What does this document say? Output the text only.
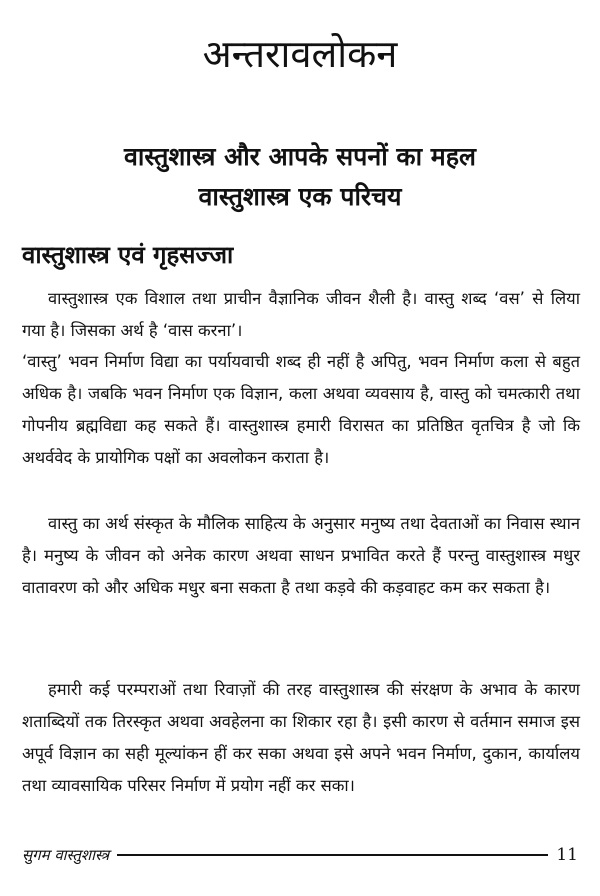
अन्तरावलोकन
वास्तुशास्त्र और आपके सपनों का महल
वास्तुशास्त्र एक परिचय
वास्तुशास्त्र एवं गृहसज्जा

वास्तुशास्त्र एक विशाल तथा प्राचीन वैज्ञानिक जीवन शैली है। वास्तु शब्द ‘वस’ से लिया गया है। जिसका अर्थ है ‘वास करना’।

‘वास्तु’ भवन निर्माण विद्या का पर्यायवाची शब्द ही नहीं है अपितु, भवन निर्माण कला से बहुत अधिक है। जबकि भवन निर्माण एक विज्ञान, कला अथवा व्यवसाय है, वास्तु को चमत्कारी तथा गोपनीय ब्रह्मविद्या कह सकते हैं। वास्तुशास्त्र हमारी विरासत का प्रतिष्ठित वृतचित्र है जो कि अथर्ववेद के प्रायोगिक पक्षों का अवलोकन कराता है।

वास्तु का अर्थ संस्कृत के मौलिक साहित्य के अनुसार मनुष्य तथा देवताओं का निवास स्थान है। मनुष्य के जीवन को अनेक कारण अथवा साधन प्रभावित करते हैं परन्तु वास्तुशास्त्र मधुर वातावरण को और अधिक मधुर बना सकता है तथा कड़वे की कड़वाहट कम कर सकता है।

हमारी कई परम्पराओं तथा रिवाज़ों की तरह वास्तुशास्त्र की संरक्षण के अभाव के कारण शताब्दियों तक तिरस्कृत अथवा अवहेलना का शिकार रहा है। इसी कारण से वर्तमान समाज इस अपूर्व विज्ञान का सही मूल्यांकन हीं कर सका अथवा इसे अपने भवन निर्माण, दुकान, कार्यालय तथा व्यावसायिक परिसर निर्माण में प्रयोग नहीं कर सका।

सुगम वास्तुशास्त्र	11
